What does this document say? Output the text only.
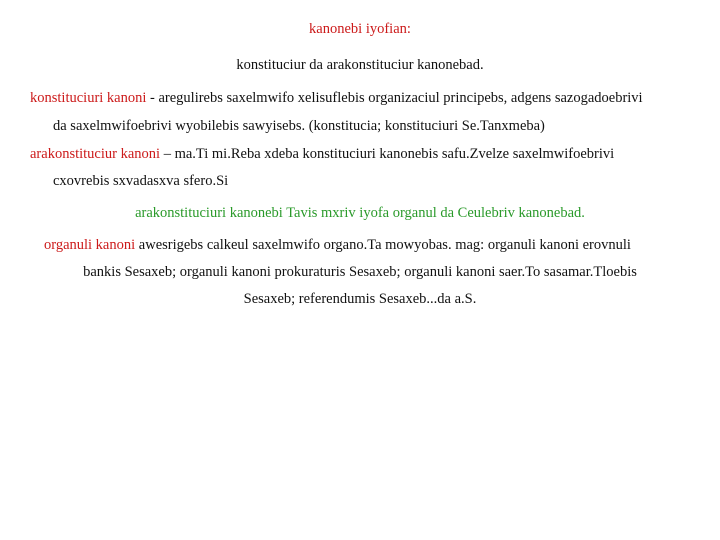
kanonebi iyofian:
konstituciur da arakonstituciur kanonebad.
konstituciuri kanoni - aregulirebs saxelmwifo xelisuflebis organizaciul principebs, adgens sazogadoebrivi
da saxelmwifoebrivi wyobilebis sawyisebs. (konstitucia; konstituciuri Se.Tanxmeba)
arakonstituciur kanoni – ma.Ti mi.Reba xdeba konstituciuri kanonebis safu.Zvelze saxelmwifoebrivi
cxovrebis sxvadasxva sfero.Si
arakonstituciuri kanonebi Tavis mxriv iyofa organul da Ceulebriv kanonebad.
organuli kanoni awesrigebs calkeul saxelmwifo organo.Ta mowyobas. mag: organuli kanoni erovnuli
bankis Sesaxeb; organuli kanoni prokuraturis Sesaxeb; organuli kanoni saer.To sasamar.Tloebis
Sesaxeb; referendumis Sesaxeb...da a.S.
